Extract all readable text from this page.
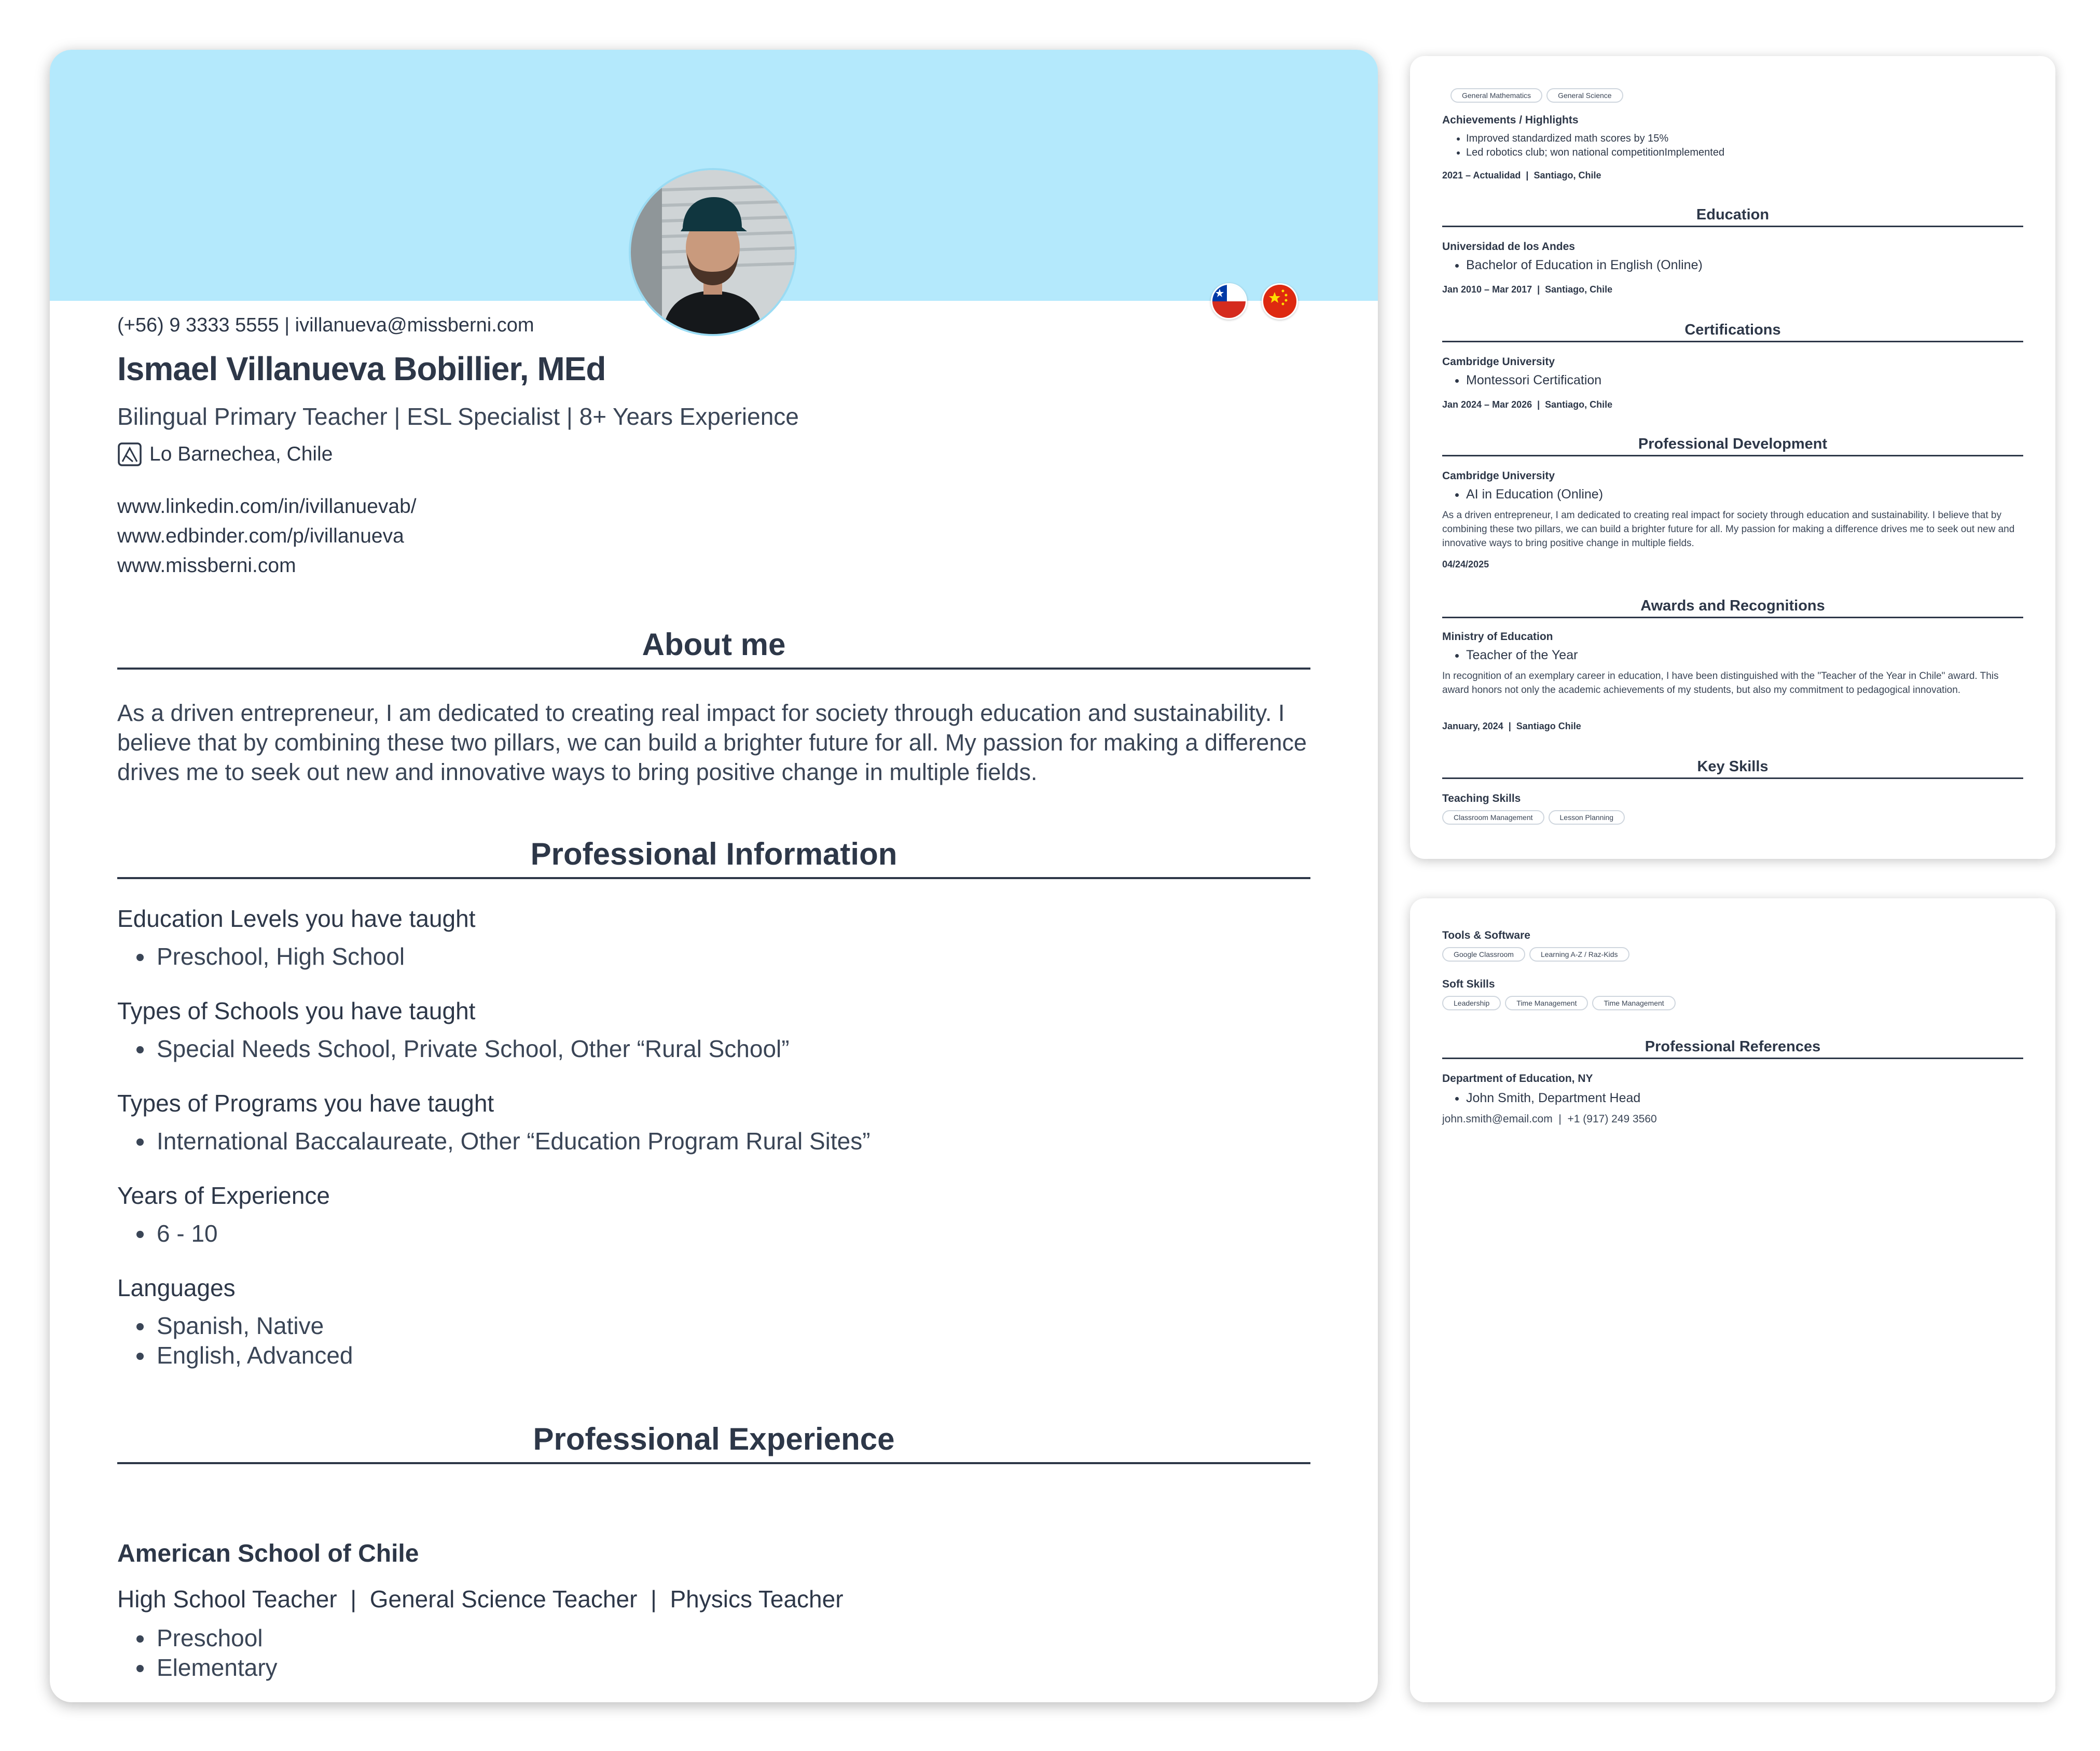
(+56) 9 3333 5555 | ivillanueva@missberni.com
Ismael Villanueva Bobillier, MEd
Bilingual Primary Teacher | ESL Specialist | 8+ Years Experience
Lo Barnechea, Chile
www.linkedin.com/in/ivillanuevab/
www.edbinder.com/p/ivillanueva
www.missberni.com
About me
As a driven entrepreneur, I am dedicated to creating real impact for society through education and sustainability. I believe that by combining these two pillars, we can build a brighter future for all. My passion for making a difference drives me to seek out new and innovative ways to bring positive change in multiple fields.
Professional Information
Education Levels you have taught
• Preschool, High School
Types of Schools you have taught
• Special Needs School, Private School, Other “Rural School”
Types of Programs you have taught
• International Baccalaureate, Other “Education Program Rural Sites”
Years of Experience
• 6 - 10
Languages
• Spanish, Native
• English, Advanced
Professional Experience
American School of Chile
High School Teacher  |  General Science Teacher  |  Physics Teacher
• Preschool
• Elementary
General Mathematics	General Science
Achievements / Highlights
• Improved standardized math scores by 15%
• Led robotics club; won national competitionImplemented
2021 – Actualidad  |  Santiago, Chile
Education
Universidad de los Andes
• Bachelor of Education in English (Online)
Jan 2010 – Mar 2017  |  Santiago, Chile
Certifications
Cambridge University
• Montessori Certification
Jan 2024 – Mar 2026  |  Santiago, Chile
Professional Development
Cambridge University
• AI in Education (Online)
As a driven entrepreneur, I am dedicated to creating real impact for society through education and sustainability. I believe that by combining these two pillars, we can build a brighter future for all. My passion for making a difference drives me to seek out new and innovative ways to bring positive change in multiple fields.
04/24/2025
Awards and Recognitions
Ministry of Education
• Teacher of the Year
In recognition of an exemplary career in education, I have been distinguished with the "Teacher of the Year in Chile" award. This award honors not only the academic achievements of my students, but also my commitment to pedagogical innovation.
January, 2024  |  Santiago Chile
Key Skills
Teaching Skills
Classroom Management	Lesson Planning
Tools & Software
Google Classroom	Learning A-Z / Raz-Kids
Soft Skills
Leadership	Time Management	Time Management
Professional References
Department of Education, NY
• John Smith, Department Head
john.smith@email.com  |  +1 (917) 249 3560
